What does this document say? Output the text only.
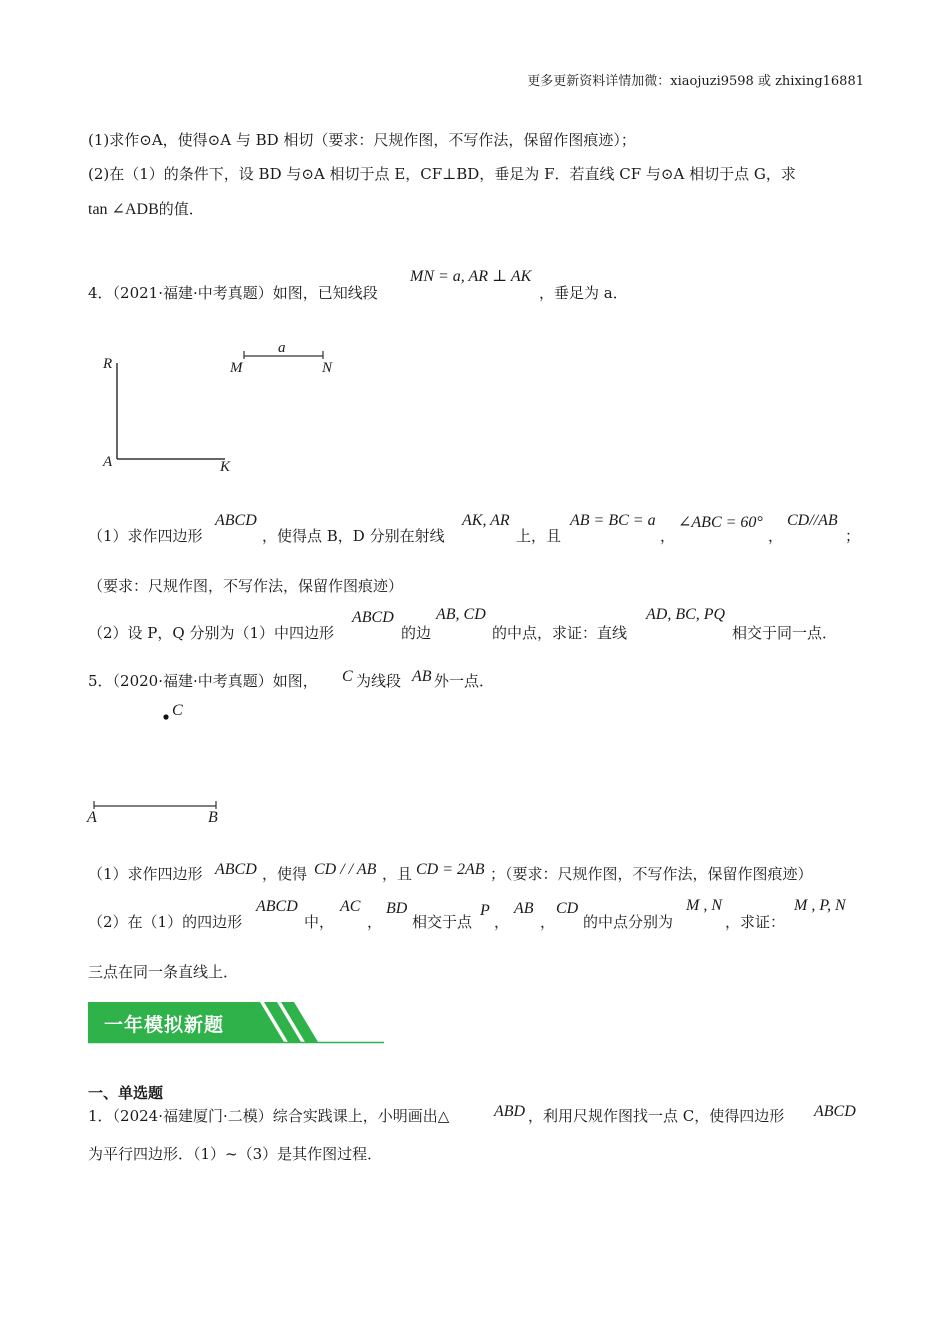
更多更新资料详情加微：xiaojuzi9598 或 zhixing16881
(1)求作⊙A，使得⊙A 与 BD 相切（要求：尺规作图，不写作法，保留作图痕迹）；
(2)在（1）的条件下，设 BD 与⊙A 相切于点 E，CF⊥BD，垂足为 F．若直线 CF 与⊙A 相切于点 G，求
tan ∠ADB的值．
4．（2021·福建·中考真题）如图，已知线段
MN = a, AR ⊥ AK
，垂足为 a．
R
A	K
M	N
a
（1）求作四边形
ABCD
，使得点 B，D 分别在射线
AK, AR
上，且
AB = BC = a
，
∠ABC = 60°
，
CD//AB
；
（要求：尺规作图，不写作法，保留作图痕迹）
（2）设 P，Q 分别为（1）中四边形
ABCD
的边
AB, CD
的中点，求证：直线
AD, BC, PQ
相交于同一点．
5．（2020·福建·中考真题）如图， C 为线段 AB 外一点．
C
A	B
（1）求作四边形 ABCD ，使得 CD / / AB ，且 CD = 2AB ；（要求：尺规作图，不写作法，保留作图痕迹）
（2）在（1）的四边形
ABCD
中，
AC
，
BD
相交于点
P
，
AB
，
CD
的中点分别为
M , N
，求证：
M , P, N
三点在同一条直线上．
一年模拟新题
一、单选题
1．（2024·福建厦门·二模）综合实践课上，小明画出△	ABD ，利用尺规作图找一点 C，使得四边形 ABCD
为平行四边形．（1）~（3）是其作图过程．
